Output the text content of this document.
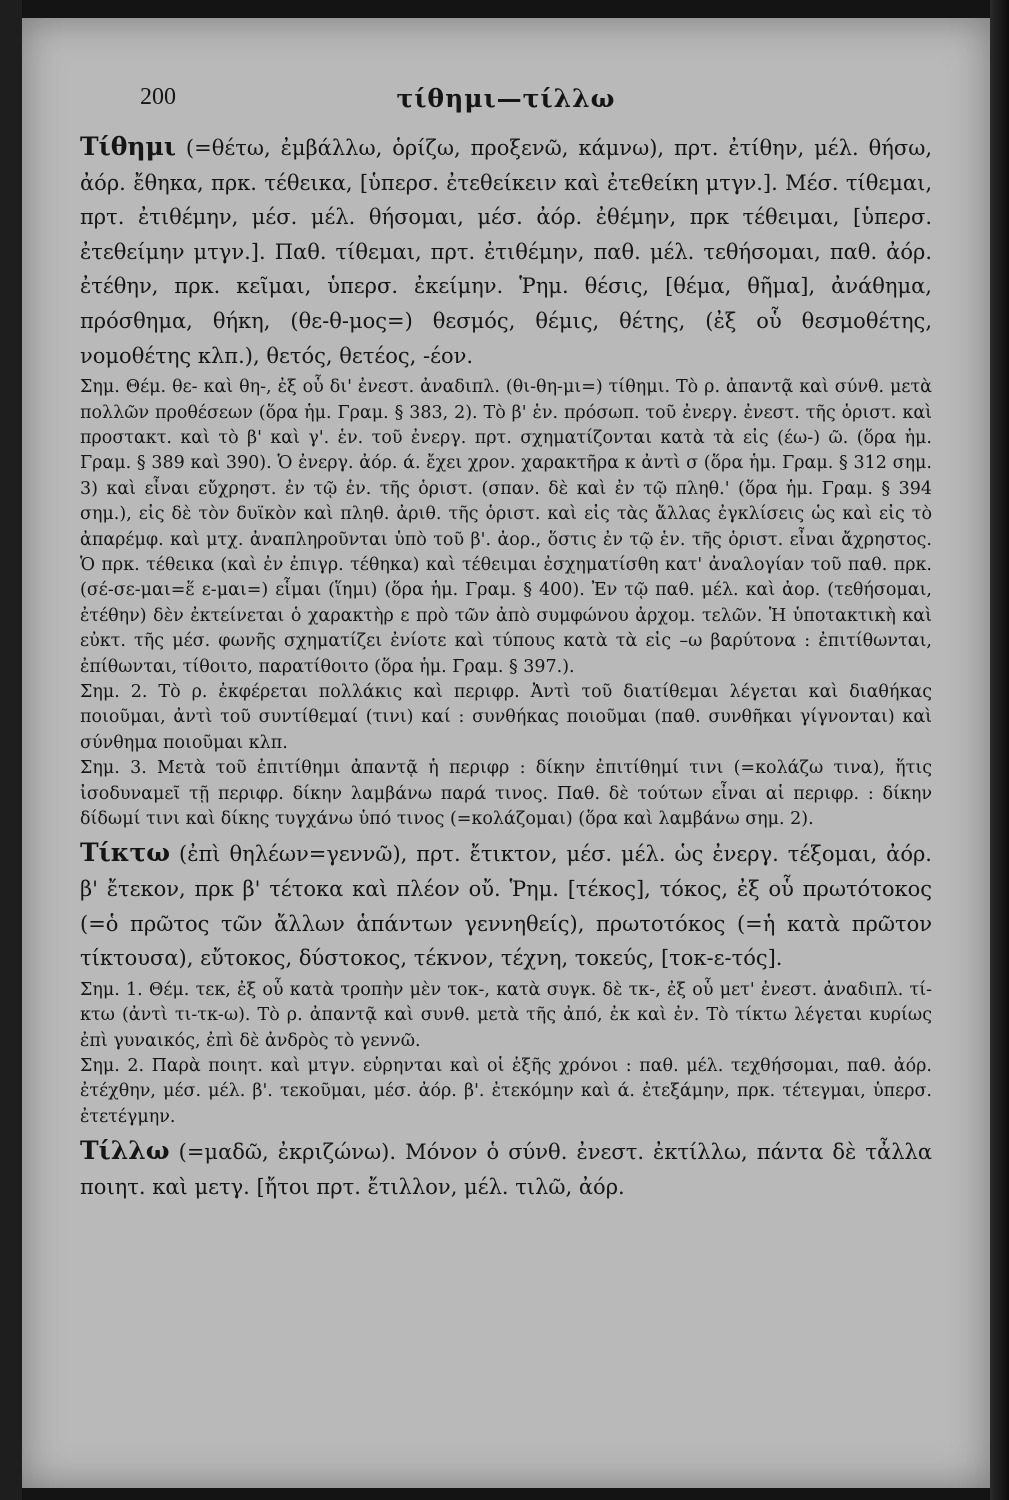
200	τίθημι—τίλλω

Τίθημι (=θέτω, ἐμβάλλω, ὁρίζω, προξενῶ, κάμνω), πρτ. ἐτίθην, μέλ. θήσω, ἀόρ. ἔθηκα, πρκ. τέθεικα, [ὑπερσ. ἐτεθείκειν καὶ ἐτεθείκη μτγν.]. Μέσ. τίθεμαι, πρτ. ἐτιθέμην, μέσ. μέλ. θήσομαι, μέσ. ἀόρ. ἐθέμην, πρκ τέθειμαι, [ὑπερσ. ἐτεθείμην μτγν.]. Παθ. τίθεμαι, πρτ. ἐτιθέμην, παθ. μέλ. τεθήσομαι, παθ. ἀόρ. ἐτέθην, πρκ. κεῖμαι, ὑπερσ. ἐκείμην. Ῥημ. θέσις, [θέμα, θῆμα], ἀνάθημα, πρόσθημα, θήκη, (θε-θ-μος=) θεσμός, θέμις, θέτης, (ἐξ οὗ θεσμοθέτης, νομοθέτης κλπ.), θετός, θετέος, -έον.

Σημ. Θέμ. θε- καὶ θη-, ἐξ οὗ δι' ἐνεστ. ἀναδιπλ. (θι-θη-μι=) τίθημι. Τὸ ρ. ἀπαντᾷ καὶ σύνθ. μετὰ πολλῶν προθέσεων (ὅρα ἡμ. Γραμ. § 383, 2). Τὸ β' ἑν. πρόσωπ. τοῦ ἐνεργ. ἐνεστ. τῆς ὁριστ. καὶ προστακτ. καὶ τὸ β' καὶ γ'. ἑν. τοῦ ἐνεργ. πρτ. σχηματίζονται κατὰ τὰ εἰς (έω-) ῶ. (ὅρα ἡμ. Γραμ. § 389 καὶ 390). Ὁ ἐνεργ. ἀόρ. ά. ἔχει χρον. χαρακτῆρα κ ἀντὶ σ (ὅρα ἡμ. Γραμ. § 312 σημ. 3) καὶ εἶναι εὔχρηστ. ἐν τῷ ἑν. τῆς ὁριστ. (σπαν. δὲ καὶ ἐν τῷ πληθ.' (ὅρα ἡμ. Γραμ. § 394 σημ.), εἰς δὲ τὸν δυϊκὸν καὶ πληθ. ἀριθ. τῆς ὁριστ. καὶ εἰς τὰς ἄλλας ἐγκλίσεις ὡς καὶ εἰς τὸ ἀπαρέμφ. καὶ μτχ. ἀναπληροῦνται ὑπὸ τοῦ β'. ἀορ., ὅστις ἐν τῷ ἑν. τῆς ὁριστ. εἶναι ἄχρηστος. Ὁ πρκ. τέθεικα (καὶ ἐν ἐπιγρ. τέθηκα) καὶ τέθειμαι ἐσχηματίσθη κατ' ἀναλογίαν τοῦ παθ. πρκ. (σέ-σε-μαι=ἕ ε-μαι=) εἷμαι (ἵημι) (ὅρα ἡμ. Γραμ. § 400). Ἐν τῷ παθ. μέλ. καὶ ἀορ. (τεθήσομαι, ἐτέθην) δὲν ἐκτείνεται ὁ χαρακτὴρ ε πρὸ τῶν ἀπὸ συμφώνου ἀρχομ. τελῶν. Ἡ ὑποτακτικὴ καὶ εὐκτ. τῆς μέσ. φωνῆς σχηματίζει ἐνίοτε καὶ τύπους κατὰ τὰ εἰς –ω βαρύτονα : ἐπιτίθωνται, ἐπίθωνται, τίθοιτο, παρατίθοιτο (ὅρα ἡμ. Γραμ. § 397.).

Σημ. 2. Τὸ ρ. ἐκφέρεται πολλάκις καὶ περιφρ. Ἀντὶ τοῦ διατίθεμαι λέγεται καὶ διαθήκας ποιοῦμαι, ἀντὶ τοῦ συντίθεμαί (τινι) καί : συνθήκας ποιοῦμαι (παθ. συνθῆκαι γίγνονται) καὶ σύνθημα ποιοῦμαι κλπ.

Σημ. 3. Μετὰ τοῦ ἐπιτίθημι ἀπαντᾷ ἡ περιφρ : δίκην ἐπιτίθημί τινι (=κολάζω τινα), ἥτις ἰσοδυναμεῖ τῇ περιφρ. δίκην λαμβάνω παρά τινος. Παθ. δὲ τούτων εἶναι αἱ περιφρ. : δίκην δίδωμί τινι καὶ δίκης τυγχάνω ὑπό τινος (=κολάζομαι) (ὅρα καὶ λαμβάνω σημ. 2).

Τίκτω (ἐπὶ θηλέων=γεννῶ), πρτ. ἔτικτον, μέσ. μέλ. ὡς ἐνεργ. τέξομαι, ἀόρ. β' ἔτεκον, πρκ β' τέτοκα καὶ πλέον οὔ. Ῥημ. [τέκος], τόκος, ἐξ οὗ πρωτότοκος (=ὁ πρῶτος τῶν ἄλλων ἁπάντων γεννηθείς), πρωτοτόκος (=ἡ κατὰ πρῶτον τίκτουσα), εὔτοκος, δύστοκος, τέκνον, τέχνη, τοκεύς, [τοκ-ε-τός].

Σημ. 1. Θέμ. τεκ, ἐξ οὗ κατὰ τροπὴν μὲν τοκ-, κατὰ συγκ. δὲ τκ-, ἐξ οὗ μετ' ἐνεστ. ἀναδιπλ. τί-κτω (ἀντὶ τι-τκ-ω). Τὸ ρ. ἀπαντᾷ καὶ συνθ. μετὰ τῆς ἀπό, ἐκ καὶ ἐν. Τὸ τίκτω λέγεται κυρίως ἐπὶ γυναικός, ἐπὶ δὲ ἀνδρὸς τὸ γεννῶ.

Σημ. 2. Παρὰ ποιητ. καὶ μτγν. εὑρηνται καὶ οἱ ἑξῆς χρόνοι : παθ. μέλ. τεχθήσομαι, παθ. ἀόρ. ἐτέχθην, μέσ. μέλ. β'. τεκοῦμαι, μέσ. ἀόρ. β'. ἐτεκόμην καὶ ά. ἐτεξάμην, πρκ. τέτεγμαι, ὑπερσ. ἐτετέγμην.

Τίλλω (=μαδῶ, ἐκριζώνω). Μόνον ὁ σύνθ. ἐνεστ. ἐκτίλλω, πάντα δὲ τἆλλα ποιητ. καὶ μετγ. [ἤτοι πρτ. ἔτιλλον, μέλ. τιλῶ, ἀόρ.
